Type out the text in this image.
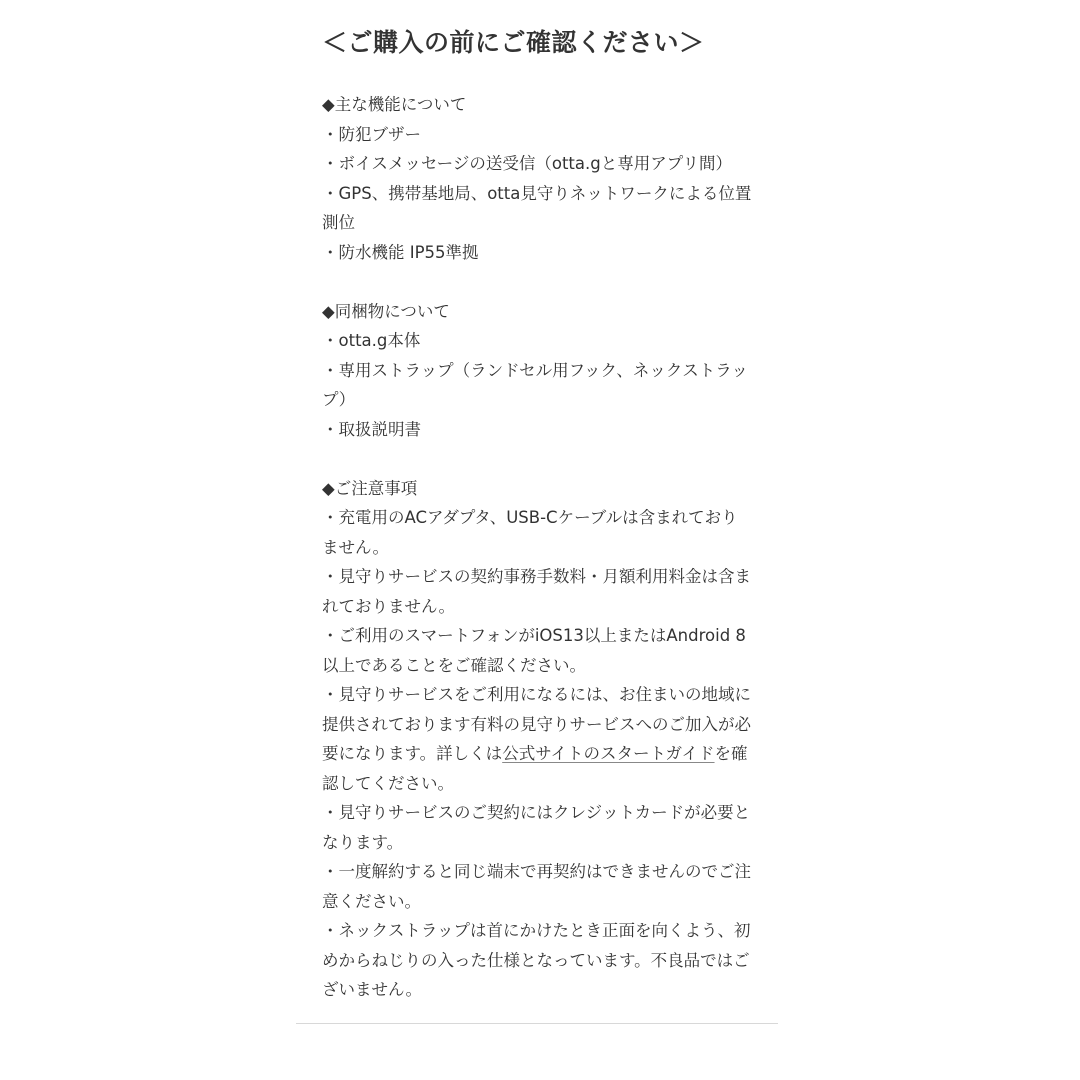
＜ご購入の前にご確認ください＞
◆主な機能について
・防犯ブザー
・ボイスメッセージの送受信（otta.gと専用アプリ間）
・GPS、携帯基地局、otta見守りネットワークによる位置測位
・防水機能 IP55準拠
◆同梱物について
・otta.g本体
・専用ストラップ（ランドセル用フック、ネックストラップ）
・取扱説明書
◆ご注意事項
・充電用のACアダプタ、USB-Cケーブルは含まれておりません。
・見守りサービスの契約事務手数料・月額利用料金は含まれておりません。
・ご利用のスマートフォンがiOS13以上またはAndroid 8以上であることをご確認ください。
・見守りサービスをご利用になるには、お住まいの地域に提供されております有料の見守りサービスへのご加入が必要になります。詳しくは公式サイトのスタートガイドを確認してください。
・見守りサービスのご契約にはクレジットカードが必要となります。
・一度解約すると同じ端末で再契約はできませんのでご注意ください。
・ネックストラップは首にかけたとき正面を向くよう、初めからねじりの入った仕様となっています。不良品ではございません。
